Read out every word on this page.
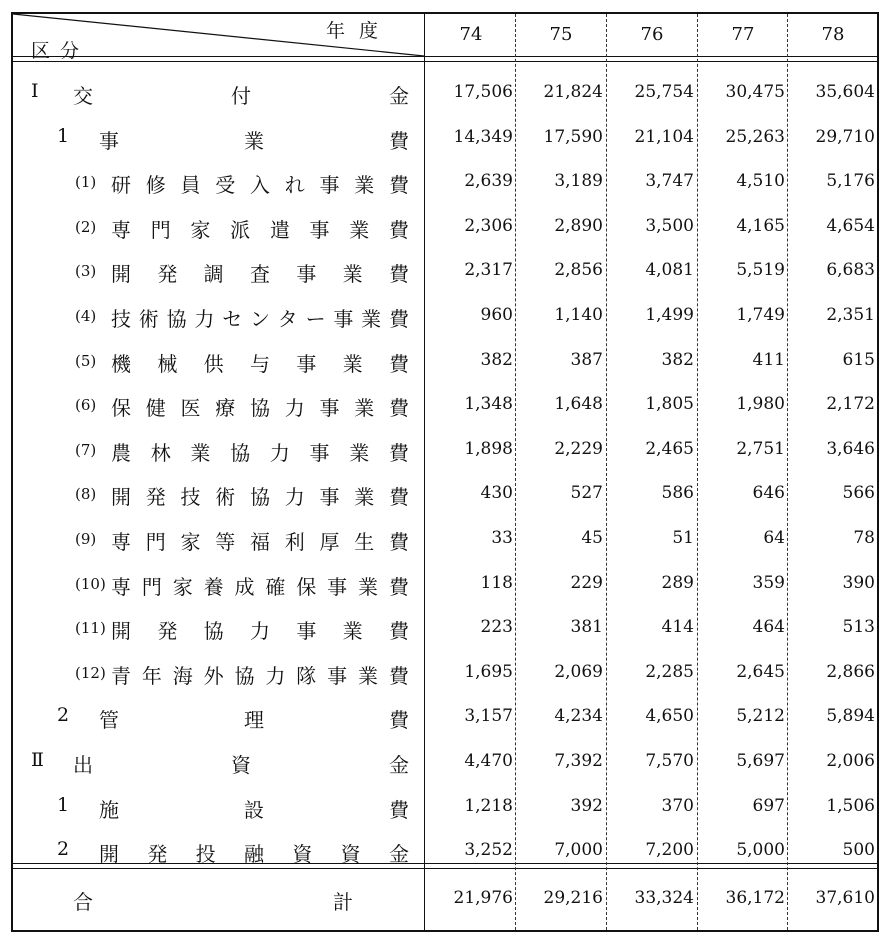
年度
区分
74	75	76	77	78
Ⅰ 交	付	金	17,506	21,824	25,754	30,475	35,604
1 事	業	費	14,349	17,590	21,104	25,263	29,710
(1) 研 修 員 受 入 れ 事 業 費	2,639	3,189	3,747	4,510	5,176
(2) 専 門 家 派 遣 事 業 費	2,306	2,890	3,500	4,165	4,654
(3) 開 発 調 査 事 業 費	2,317	2,856	4,081	5,519	6,683
(4) 技 術 協 力 セ ン タ ー 事 業 費	960	1,140	1,499	1,749	2,351
(5) 機 械 供 与 事 業 費	382	387	382	411	615
(6) 保 健 医 療 協 力 事 業 費	1,348	1,648	1,805	1,980	2,172
(7) 農 林 業 協 力 事 業 費	1,898	2,229	2,465	2,751	3,646
(8) 開 発 技 術 協 力 事 業 費	430	527	586	646	566
(9) 専 門 家 等 福 利 厚 生 費	33	45	51	64	78
(10) 専 門 家 養 成 確 保 事 業 費	118	229	289	359	390
(11) 開 発 協 力 事 業 費	223	381	414	464	513
(12) 青 年 海 外 協 力 隊 事 業 費	1,695	2,069	2,285	2,645	2,866
2 管	理	費	3,157	4,234	4,650	5,212	5,894
Ⅱ 出	資	金	4,470	7,392	7,570	5,697	2,006
1 施	設	費	1,218	392	370	697	1,506
2 開 発 投 融 資 資 金	3,252	7,000	7,200	5,000	500
合	計	21,976	29,216	33,324	36,172	37,610
